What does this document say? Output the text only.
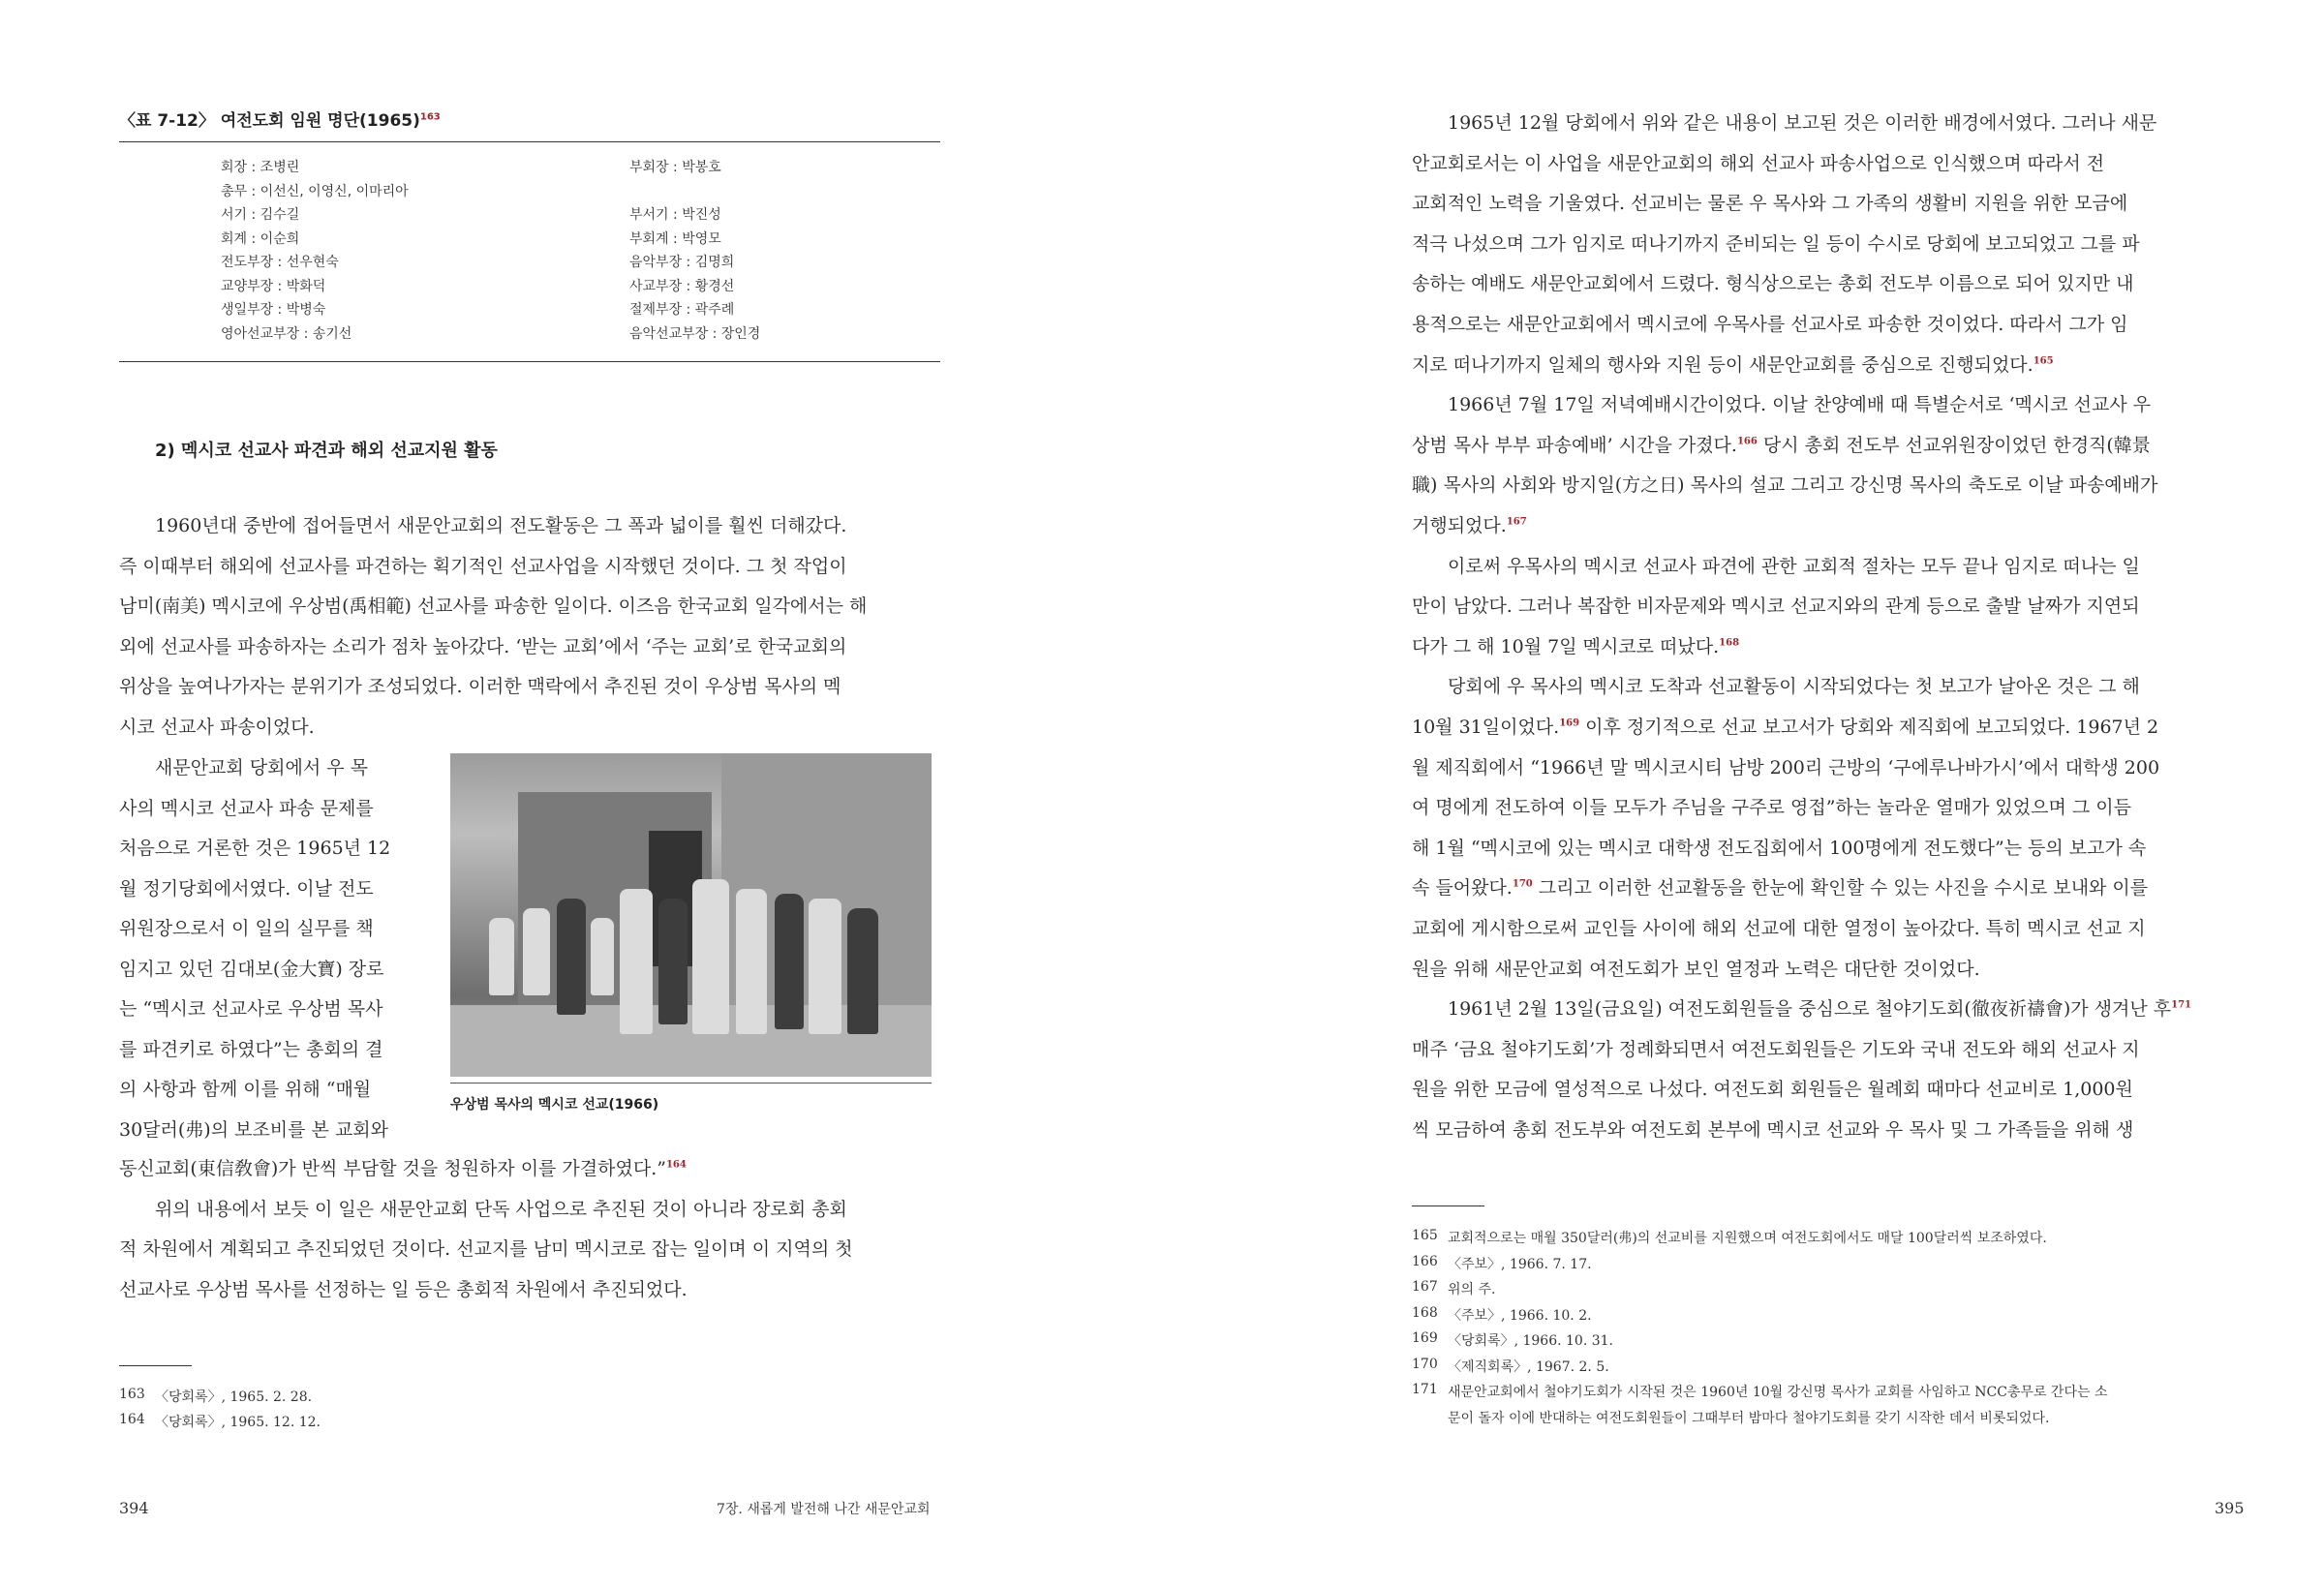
〈표 7-12〉 여전도회 임원 명단$(1965)^{163}$
회장 : 조병린	부회장 : 박봉호
총무 : 이선신, 이영신, 이마리아
서기 : 김수길	부서기 : 박진성
회계 : 이순희	부회계 : 박영모
전도부장 : 선우현숙	음악부장 : 김명희
교양부장 : 박화덕	사교부장 : 황경선
생일부장 : 박병숙	절제부장 : 곽주례
영아선교부장 : 송기선	음악선교부장 : 장인경
2) 멕시코 선교사 파견과 해외 선교지원 활동
1960년대 중반에 접어들면서 새문안교회의 전도활동은 그 폭과 넓이를 훨씬 더해갔다.
즉 이때부터 해외에 선교사를 파견하는 획기적인 선교사업을 시작했던 것이다. 그 첫 작업이
남미(南美) 멕시코에 우상범(禹相範) 선교사를 파송한 일이다. 이즈음 한국교회 일각에서는 해
외에 선교사를 파송하자는 소리가 점차 높아갔다. ‘받는 교회’에서 ‘주는 교회’로 한국교회의
위상을 높여나가자는 분위기가 조성되었다. 이러한 맥락에서 추진된 것이 우상범 목사의 멕
시코 선교사 파송이었다.
새문안교회 당회에서 우 목
사의 멕시코 선교사 파송 문제를
처음으로 거론한 것은 1965년 12
월 정기당회에서였다. 이날 전도
위원장으로서 이 일의 실무를 책
임지고 있던 김대보(金大寶) 장로
는 “멕시코 선교사로 우상범 목사
를 파견키로 하였다”는 총회의 결
의 사항과 함께 이를 위해 “매월
30달러(弗)의 보조비를 본 교회와
동신교회(東信敎會)가 반씩 부담할 것을 청원하자 이를 가결하였다.”$^{164}$
위의 내용에서 보듯 이 일은 새문안교회 단독 사업으로 추진된 것이 아니라 장로회 총회
적 차원에서 계획되고 추진되었던 것이다. 선교지를 남미 멕시코로 잡는 일이며 이 지역의 첫
선교사로 우상범 목사를 선정하는 일 등은 총회적 차원에서 추진되었다.
우상범 목사의 멕시코 선교(1966)
163 〈당회록〉, 1965. 2. 28.
164 〈당회록〉, 1965. 12. 12.
394	7장. 새롭게 발전해 나간 새문안교회
1965년 12월 당회에서 위와 같은 내용이 보고된 것은 이러한 배경에서였다. 그러나 새문
안교회로서는 이 사업을 새문안교회의 해외 선교사 파송사업으로 인식했으며 따라서 전
교회적인 노력을 기울였다. 선교비는 물론 우 목사와 그 가족의 생활비 지원을 위한 모금에
적극 나섰으며 그가 임지로 떠나기까지 준비되는 일 등이 수시로 당회에 보고되었고 그를 파
송하는 예배도 새문안교회에서 드렸다. 형식상으로는 총회 전도부 이름으로 되어 있지만 내
용적으로는 새문안교회에서 멕시코에 우목사를 선교사로 파송한 것이었다. 따라서 그가 임
지로 떠나기까지 일체의 행사와 지원 등이 새문안교회를 중심으로 진행되었다.$^{165}$
1966년 7월 17일 저녁예배시간이었다. 이날 찬양예배 때 특별순서로 ‘멕시코 선교사 우
상범 목사 부부 파송예배’ 시간을 가졌다.$^{166}$ 당시 총회 전도부 선교위원장이었던 한경직(韓景
職) 목사의 사회와 방지일(方之日) 목사의 설교 그리고 강신명 목사의 축도로 이날 파송예배가
거행되었다.$^{167}$
이로써 우목사의 멕시코 선교사 파견에 관한 교회적 절차는 모두 끝나 임지로 떠나는 일
만이 남았다. 그러나 복잡한 비자문제와 멕시코 선교지와의 관계 등으로 출발 날짜가 지연되
다가 그 해 10월 7일 멕시코로 떠났다.$^{168}$
당회에 우 목사의 멕시코 도착과 선교활동이 시작되었다는 첫 보고가 날아온 것은 그 해
10월 31일이었다.$^{169}$ 이후 정기적으로 선교 보고서가 당회와 제직회에 보고되었다. 1967년 2
월 제직회에서 “1966년 말 멕시코시티 남방 200리 근방의 ‘구에루나바가시’에서 대학생 200
여 명에게 전도하여 이들 모두가 주님을 구주로 영접”하는 놀라운 열매가 있었으며 그 이듬
해 1월 “멕시코에 있는 멕시코 대학생 전도집회에서 100명에게 전도했다”는 등의 보고가 속
속 들어왔다.$^{170}$ 그리고 이러한 선교활동을 한눈에 확인할 수 있는 사진을 수시로 보내와 이를
교회에 게시함으로써 교인들 사이에 해외 선교에 대한 열정이 높아갔다. 특히 멕시코 선교 지
원을 위해 새문안교회 여전도회가 보인 열정과 노력은 대단한 것이었다.
1961년 2월 13일(금요일) 여전도회원들을 중심으로 철야기도회(徹夜祈禱會)가 생겨난 후$^{171}$
매주 ‘금요 철야기도회’가 정례화되면서 여전도회원들은 기도와 국내 전도와 해외 선교사 지
원을 위한 모금에 열성적으로 나섰다. 여전도회 회원들은 월례회 때마다 선교비로 1,000원
씩 모금하여 총회 전도부와 여전도회 본부에 멕시코 선교와 우 목사 및 그 가족들을 위해 생
165 교회적으로는 매월 350달러(弗)의 선교비를 지원했으며 여전도회에서도 매달 100달러씩 보조하였다.
166 〈주보〉, 1966. 7. 17.
167 위의 주.
168 〈주보〉, 1966. 10. 2.
169 〈당회록〉, 1966. 10. 31.
170 〈제직회록〉, 1967. 2. 5.
171 새문안교회에서 철야기도회가 시작된 것은 1960년 10월 강신명 목사가 교회를 사임하고 NCC총무로 간다는 소
문이 돌자 이에 반대하는 여전도회원들이 그때부터 밤마다 철야기도회를 갖기 시작한 데서 비롯되었다.
395
